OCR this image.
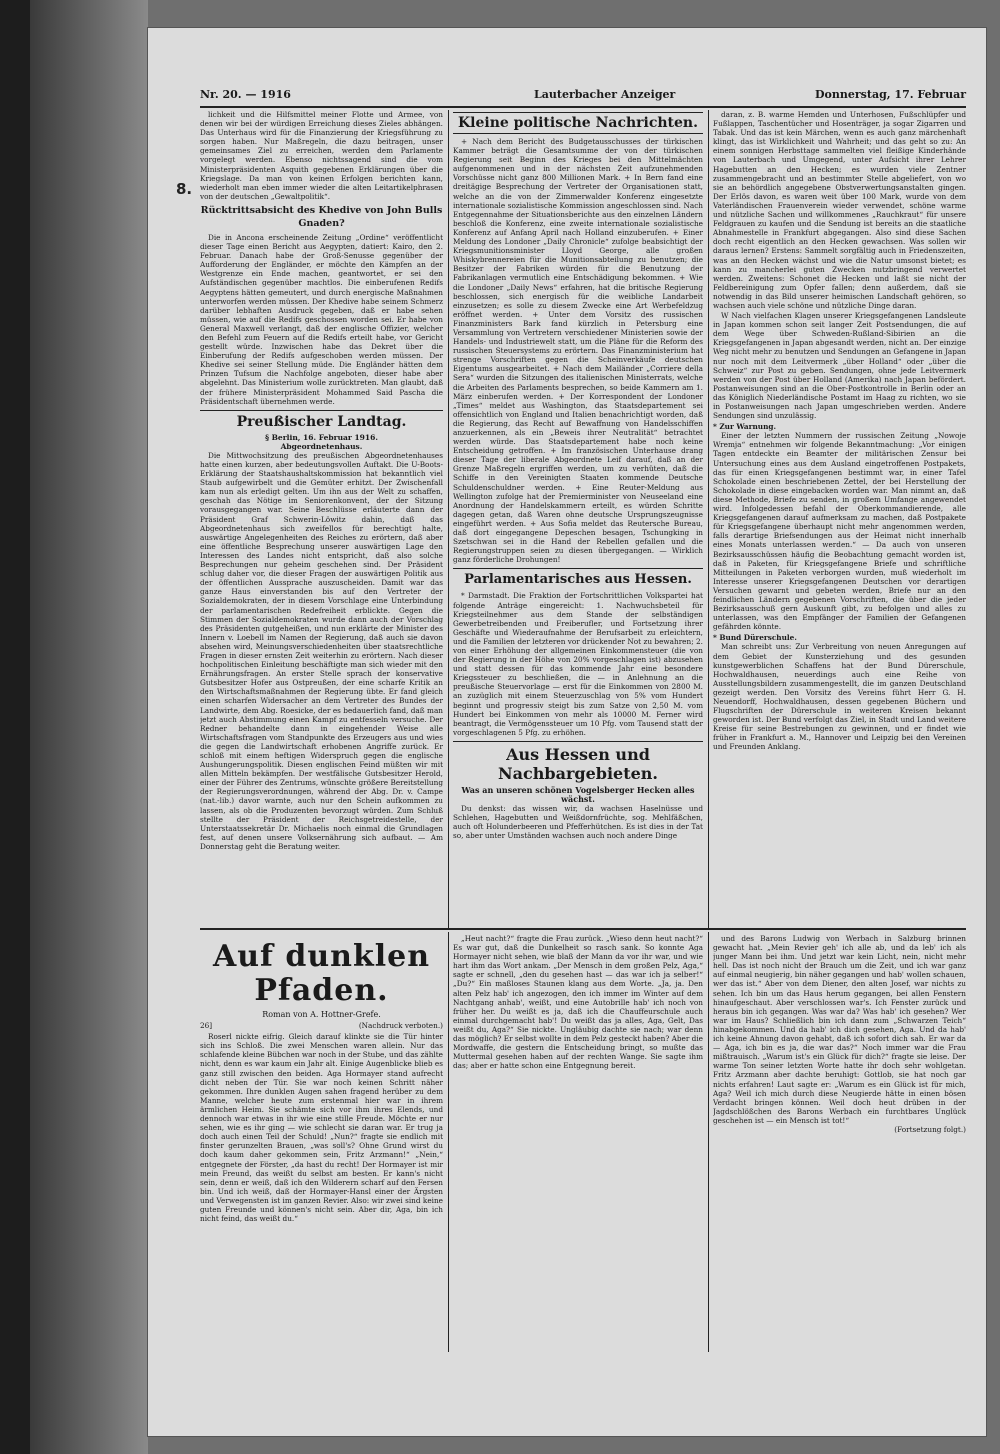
8.
Nr. 20. — 1916	Lauterbacher Anzeiger	Donnerstag, 17. Februar

lichkeit und die Hilfsmittel meiner Flotte und Armee, von denen wir bei der würdigen Erreichung dieses Zieles abhängen. Das Unterhaus wird für die Finanzierung der Kriegsführung zu sorgen haben. Nur Maßregeln, die dazu beitragen, unser gemeinsames Ziel zu erreichen, werden dem Parlamente vorgelegt werden. Ebenso nichtssagend sind die vom Ministerpräsidenten Asquith gegebenen Erklärungen über die Kriegslage. Da man von keinen Erfolgen berichten kann, wiederholt man eben immer wieder die alten Leitartikelphrasen von der deutschen „Gewaltpolitik“.

Rücktrittsabsicht des Khedive von John Bulls Gnaden?

Die in Ancona erscheinende Zeitung „Ordine“ veröffentlicht dieser Tage einen Bericht aus Aegypten, datiert: Kairo, den 2. Februar. Danach habe der Groß-Senusse gegenüber der Aufforderung der Engländer, er möchte den Kämpfen an der Westgrenze ein Ende machen, geantwortet, er sei den Aufständischen gegenüber machtlos. Die einberufenen Redifs Aegyptens hätten gemeutert, und durch energische Maßnahmen unterworfen werden müssen. Der Khedive habe seinem Schmerz darüber lebhaften Ausdruck gegeben, daß er habe sehen müssen, wie auf die Redifs geschossen worden sei. Er habe von General Maxwell verlangt, daß der englische Offizier, welcher den Befehl zum Feuern auf die Redifs erteilt habe, vor Gericht gestellt würde. Inzwischen habe das Dekret über die Einberufung der Redifs aufgeschoben werden müssen. Der Khedive sei seiner Stellung müde. Die Engländer hätten dem Prinzen Tufsum die Nachfolge angeboten, dieser habe aber abgelehnt. Das Ministerium wolle zurücktreten. Man glaubt, daß der frühere Ministerpräsident Mohammed Said Pascha die Präsidentschaft übernehmen werde.

Preußischer Landtag.
§ Berlin, 16. Februar 1916.
Abgeordnetenhaus.

Die Mittwochsitzung des preußischen Abgeordnetenhauses hatte einen kurzen, aber bedeutungsvollen Auftakt. Die U-Boots-Erklärung der Staatshaushaltskommission hat bekanntlich viel Staub aufgewirbelt und die Gemüter erhitzt. Der Zwischenfall kam nun als erledigt gelten. Um ihn aus der Welt zu schaffen, geschah das Nötige im Seniorenkonvent, der der Sitzung vorausgegangen war. Seine Beschlüsse erläuterte dann der Präsident Graf Schwerin-Löwitz dahin, daß das Abgeordnetenhaus sich zweifellos für berechtigt halte, auswärtige Angelegenheiten des Reiches zu erörtern, daß aber eine öffentliche Besprechung unserer auswärtigen Lage den Interessen des Landes nicht entspricht, daß also solche Besprechungen nur geheim geschehen sind. Der Präsident schlug daher vor, die dieser Fragen der auswärtigen Politik aus der öffentlichen Aussprache auszuscheiden. Damit war das ganze Haus einverstanden bis auf den Vertreter der Sozialdemokraten, der in diesem Vorschlage eine Unterbindung der parlamentarischen Redefreiheit erblickte. Gegen die Stimmen der Sozialdemokraten wurde dann auch der Vorschlag des Präsidenten gutgeheißen, und nun erklärte der Minister des Innern v. Loebell im Namen der Regierung, daß auch sie davon absehen wird, Meinungsverschiedenheiten über staatsrechtliche Fragen in dieser ernsten Zeit weiterhin zu erörtern. Nach dieser hochpolitischen Einleitung beschäftigte man sich wieder mit den Ernährungsfragen. An erster Stelle sprach der konservative Gutsbesitzer Hofer aus Ostpreußen, der eine scharfe Kritik an den Wirtschaftsmaßnahmen der Regierung übte. Er fand gleich einen scharfen Widersacher an dem Vertreter des Bundes der Landwirte, dem Abg. Roesicke, der es bedauerlich fand, daß man jetzt auch Abstimmung einen Kampf zu entfesseln versuche. Der Redner behandelte dann in eingehender Weise alle Wirtschaftsfragen vom Standpunkte des Erzeugers aus und wies die gegen die Landwirtschaft erhobenen Angriffe zurück. Er schloß mit einem heftigen Widerspruch gegen die englische Aushungerungspolitik. Diesen englischen Feind müßten wir mit allen Mitteln bekämpfen. Der westfälische Gutsbesitzer Herold, einer der Führer des Zentrums, wünschte größere Bereitstellung der Regierungsverordnungen, während der Abg. Dr. v. Campe (nat.-lib.) davor warnte, auch nur den Schein aufkommen zu lassen, als ob die Produzenten bevorzugt würden. Zum Schluß stellte der Präsident der Reichsgetreidestelle, der Unterstaatssekretär Dr. Michaelis noch einmal die Grundlagen fest, auf denen unsere Volksernährung sich aufbaut. — Am Donnerstag geht die Beratung weiter.

Kleine politische Nachrichten.

+ Nach dem Bericht des Budgetausschusses der türkischen Kammer beträgt die Gesamtsumme der von der türkischen Regierung seit Beginn des Krieges bei den Mittelmächten aufgenommenen und in der nächsten Zeit aufzunehmenden Vorschüsse nicht ganz 800 Millionen Mark. + In Bern fand eine dreitägige Besprechung der Vertreter der Organisationen statt, welche an die von der Zimmerwalder Konferenz eingesetzte internationale sozialistische Kommission angeschlossen sind. Nach Entgegennahme der Situationsberichte aus den einzelnen Ländern beschloß die Konferenz, eine zweite internationale sozialistische Konferenz auf Anfang April nach Holland einzuberufen. + Einer Meldung des Londoner „Daily Chronicle“ zufolge beabsichtigt der Kriegsmunitionsminister Lloyd George, alle großen Whiskybrennereien für die Munitionsabteilung zu benutzen; die Besitzer der Fabriken würden für die Benutzung der Fabrikanlagen vermutlich eine Entschädigung bekommen. + Wie die Londoner „Daily News“ erfahren, hat die britische Regierung beschlossen, sich energisch für die weibliche Landarbeit einzusetzen; es solle zu diesem Zwecke eine Art Werbefeldzug eröffnet werden. + Unter dem Vorsitz des russischen Finanzministers Bark fand kürzlich in Petersburg eine Versammlung von Vertretern verschiedener Ministerien sowie der Handels- und Industriewelt statt, um die Pläne für die Reform des russischen Steuersystems zu erörtern. Das Finanzministerium hat strenge Vorschriften gegen die Scheinverkäufe deutschen Eigentums ausgearbeitet. + Nach dem Mailänder „Corriere della Sera“ wurden die Sitzungen des italienischen Ministerrats, welche die Arbeiten des Parlaments besprechen, so beide Kammern am 1. März einberufen werden. + Der Korrespondent der Londoner „Times“ meldet aus Washington, das Staatsdepartement sei offensichtlich von England und Italien benachrichtigt worden, daß die Regierung, das Recht auf Bewaffnung von Handelsschiffen anzuerkennen, als ein „Beweis ihrer Neutralität“ betrachtet werden würde. Das Staatsdepartement habe noch keine Entscheidung getroffen. + Im französischen Unterhause drang dieser Tage der liberale Abgeordnete Leif darauf, daß an der Grenze Maßregeln ergriffen werden, um zu verhüten, daß die Schiffe in den Vereinigten Staaten kommende Deutsche Schuldenschuldner werden. + Eine Reuter-Meldung aus Wellington zufolge hat der Premierminister von Neuseeland eine Anordnung der Handelskammern erteilt, es würden Schritte dagegen getan, daß Waren ohne deutsche Ursprungszeugnisse eingeführt werden. + Aus Sofia meldet das Reutersche Bureau, daß dort eingegangene Depeschen besagen, Tschungking in Szetschwan sei in die Hand der Rebellen gefallen und die Regierungstruppen seien zu diesen übergegangen. — Wirklich ganz förderliche Drohungen!

Parlamentarisches aus Hessen.

* Darmstadt. Die Fraktion der Fortschrittlichen Volkspartei hat folgende Anträge eingereicht: 1. Nachwuchsbeteil für Kriegsteilnehmer aus dem Stande der selbständigen Gewerbetreibenden und Freiberufler, und Fortsetzung ihrer Geschäfte und Wiederaufnahme der Berufsarbeit zu erleichtern, und die Familien der letzteren vor drückender Not zu bewahren; 2. von einer Erhöhung der allgemeinen Einkommensteuer (die von der Regierung in der Höhe von 20% vorgeschlagen ist) abzusehen und statt dessen für das kommende Jahr eine besondere Kriegssteuer zu beschließen, die — in Anlehnung an die preußische Steuervorlage — erst für die Einkommen von 2800 M. an zuzüglich mit einem Steuerzuschlag von 5% vom Hundert beginnt und progressiv steigt bis zum Satze von 2,50 M. vom Hundert bei Einkommen von mehr als 10000 M. Ferner wird beantragt, die Vermögenssteuer um 10 Pfg. vom Tausend statt der vorgeschlagenen 5 Pfg. zu erhöhen.

Aus Hessen und Nachbargebieten.
Was an unseren schönen Vogelsberger Hecken alles wächst.

Du denkst: das wissen wir, da wachsen Haselnüsse und Schlehen, Hagebutten und Weißdornfrüchte, sog. Mehlfäßchen, auch oft Holunderbeeren und Pfefferhütchen. Es ist dies in der Tat so, aber unter Umständen wachsen auch noch andere Dinge

daran, z. B. warme Hemden und Unterhosen, Fußschlüpfer und Fußlappen, Taschentücher und Hosenträger, ja sogar Zigarren und Tabak. Und das ist kein Märchen, wenn es auch ganz märchenhaft klingt, das ist Wirklichkeit und Wahrheit; und das geht so zu: An einem sonnigen Herbsttage sammelten viel fleißige Kinderhände von Lauterbach und Umgegend, unter Aufsicht ihrer Lehrer Hagebutten an den Hecken; es wurden viele Zentner zusammengebracht und an bestimmter Stelle abgeliefert, von wo sie an behördlich angegebene Obstverwertungsanstalten gingen. Der Erlös davon, es waren weit über 100 Mark, wurde von dem Vaterländischen Frauenverein wieder verwendet, schöne warme und nützliche Sachen und willkommenes „Rauchkraut“ für unsere Feldgrauen zu kaufen und die Sendung ist bereits an die staatliche Abnahmestelle in Frankfurt abgegangen. Also sind diese Sachen doch recht eigentlich an den Hecken gewachsen. Was sollen wir daraus lernen? Erstens: Sammelt sorgfältig auch in Friedenszeiten, was an den Hecken wächst und wie die Natur umsonst bietet; es kann zu mancherlei guten Zwecken nutzbringend verwertet werden. Zweitens: Schonet die Hecken und laßt sie nicht der Feldbereinigung zum Opfer fallen; denn außerdem, daß sie notwendig in das Bild unserer heimischen Landschaft gehören, so wachsen auch viele schöne und nützliche Dinge daran.

W Nach vielfachen Klagen unserer Kriegsgefangenen Landsleute in Japan kommen schon seit langer Zeit Postsendungen, die auf dem Wege über Schweden-Rußland-Sibirien an die Kriegsgefangenen in Japan abgesandt werden, nicht an. Der einzige Weg nicht mehr zu benutzen und Sendungen an Gefangene in Japan nur noch mit dem Leitvermerk „über Holland“ oder „über die Schweiz“ zur Post zu geben. Sendungen, ohne jede Leitvermerk werden von der Post über Holland (Amerika) nach Japan befördert. Postanweisungen sind an die Ober-Postkontrolle in Berlin oder an das Königlich Niederländische Postamt im Haag zu richten, wo sie in Postanweisungen nach Japan umgeschrieben werden. Andere Sendungen sind unzulässig.

* Zur Warnung.

Einer der letzten Nummern der russischen Zeitung „Nowoje Wremja“ entnehmen wir folgende Bekanntmachung: „Vor einigen Tagen entdeckte ein Beamter der militärischen Zensur bei Untersuchung eines aus dem Ausland eingetroffenen Postpakets, das für einen Kriegsgefangenen bestimmt war, in einer Tafel Schokolade einen beschriebenen Zettel, der bei Herstellung der Schokolade in diese eingebacken worden war. Man nimmt an, daß diese Methode, Briefe zu senden, in großem Umfange angewendet wird. Infolgedessen befahl der Oberkommandierende, alle Kriegsgefangenen darauf aufmerksam zu machen, daß Postpakete für Kriegsgefangene überhaupt nicht mehr angenommen werden, falls derartige Briefsendungen aus der Heimat nicht innerhalb eines Monats unterlassen werden.“ — Da auch von unseren Bezirksausschüssen häufig die Beobachtung gemacht worden ist, daß in Paketen, für Kriegsgefangene Briefe und schriftliche Mitteilungen in Paketen verborgen wurden, muß wiederholt im Interesse unserer Kriegsgefangenen Deutschen vor derartigen Versuchen gewarnt und gebeten werden, Briefe nur an den feindlichen Ländern gegebenen Vorschriften, die über die jeder Bezirksausschuß gern Auskunft gibt, zu befolgen und alles zu unterlassen, was den Empfänger der Familien der Gefangenen gefährden könnte.

* Bund Dürerschule.

Man schreibt uns: Zur Verbreitung von neuen Anregungen auf dem Gebiet der Kunsterziehung und des gesunden kunstgewerblichen Schaffens hat der Bund Dürerschule, Hochwaldhausen, neuerdings auch eine Reihe von Ausstellungsbildern zusammengestellt, die im ganzen Deutschland gezeigt werden. Den Vorsitz des Vereins führt Herr G. H. Neuendorff, Hochwaldhausen, dessen gegebenen Büchern und Flugschriften der Dürerschule in weiteren Kreisen bekannt geworden ist. Der Bund verfolgt das Ziel, in Stadt und Land weitere Kreise für seine Bestrebungen zu gewinnen, und er findet wie früher in Frankfurt a. M., Hannover und Leipzig bei den Vereinen und Freunden Anklang.

Auf dunklen Pfaden.
Roman von A. Hottner-Grefe.
26]	(Nachdruck verboten.)

Roserl nickte eifrig. Gleich darauf klinkte sie die Tür hinter sich ins Schloß. Die zwei Menschen waren allein. Nur das schlafende kleine Bübchen war noch in der Stube, und das zählte nicht, denn es war kaum ein Jahr alt. Einige Augenblicke blieb es ganz still zwischen den beiden. Aga Hormayer stand aufrecht dicht neben der Tür. Sie war noch keinen Schritt näher gekommen. Ihre dunklen Augen sahen fragend herüber zu dem Manne, welcher heute zum erstenmal hier war in ihrem ärmlichen Heim. Sie schämte sich vor ihm ihres Elends, und dennoch war etwas in ihr wie eine stille Freude. Möchte er nur sehen, wie es ihr ging — wie schlecht sie daran war. Er trug ja doch auch einen Teil der Schuld! „Nun?“ fragte sie endlich mit finster gerunzelten Brauen, „was soll's? Ohne Grund wirst du doch kaum daher gekommen sein, Fritz Arzmann!“ „Nein,“ entgegnete der Förster, „da hast du recht! Der Hormayer ist mir mein Freund, das weißt du selbst am besten. Er kann's nicht sein, denn er weiß, daß ich den Wilderern scharf auf den Fersen bin. Und ich weiß, daß der Hormayer-Hansl einer der Ärgsten und Verwegensten ist im ganzen Revier. Also: wir zwei sind keine guten Freunde und können's nicht sein. Aber dir, Aga, bin ich nicht feind, das weißt du.“

„Heut nacht?“ fragte die Frau zurück. „Wieso denn heut nacht?“ Es war gut, daß die Dunkelheit so rasch sank. So konnte Aga Hormayer nicht sehen, wie blaß der Mann da vor ihr war, und wie hart ihm das Wort ankam. „Der Mensch in dem großen Pelz, Aga,“ sagte er schnell, „den du gesehen hast — das war ich ja selber!“ „Du?“ Ein maßloses Staunen klang aus dem Worte. „Ja, ja. Den alten Pelz hab' ich angezogen, den ich immer im Winter auf dem Nachtgang anhab', weißt, und eine Autobrille hab' ich noch von früher her. Du weißt es ja, daß ich die Chauffeurschule auch einmal durchgemacht hab'! Du weißt das ja alles, Aga, Gelt, Das weißt du, Aga?“ Sie nickte. Ungläubig dachte sie nach; war denn das möglich? Er selbst wollte in dem Pelz gesteckt haben? Aber die Mordwaffe, die gestern die Entscheidung bringt, so mußte das Muttermal gesehen haben auf der rechten Wange. Sie sagte ihm das; aber er hatte schon eine Entgegnung bereit.

und des Barons Ludwig von Werbach in Salzburg brinnen gewacht hat. „Mein Revier geh' ich alle ab, und da leb' ich als junger Mann bei ihm. Und jetzt war kein Licht, nein, nicht mehr hell. Das ist noch nicht der Brauch um die Zeit, und ich war ganz auf einmal neugierig, bin näher gegangen und hab' wollen schauen, wer das ist.“ Aber von dem Diener, den alten Josef, war nichts zu sehen. Ich bin um das Haus herum gegangen, bei allen Fenstern hinaufgeschaut. Aber verschlossen war's. Ich Fenster zurück und heraus bin ich gegangen. Was war da? Was hab' ich gesehen? Wer war im Haus? Schließlich bin ich dann zum „Schwarzen Teich“ hinabgekommen. Und da hab' ich dich gesehen, Aga. Und da hab' ich keine Ahnung davon gehabt, daß ich sofort dich sah. Er war da — Aga, ich bin es ja, die war das?“ Noch immer war die Frau mißtrauisch. „Warum ist's ein Glück für dich?“ fragte sie leise. Der warme Ton seiner letzten Worte hatte ihr doch sehr wohlgetan. Fritz Arzmann aber dachte beruhigt: Gottlob, sie hat noch gar nichts erfahren! Laut sagte er: „Warum es ein Glück ist für mich, Aga? Weil ich mich durch diese Neugierde hätte in einen bösen Verdacht bringen können. Weil doch heut drüben in der Jagdschlößchen des Barons Werbach ein furchtbares Unglück geschehen ist — ein Mensch ist tot!“

(Fortsetzung folgt.)
